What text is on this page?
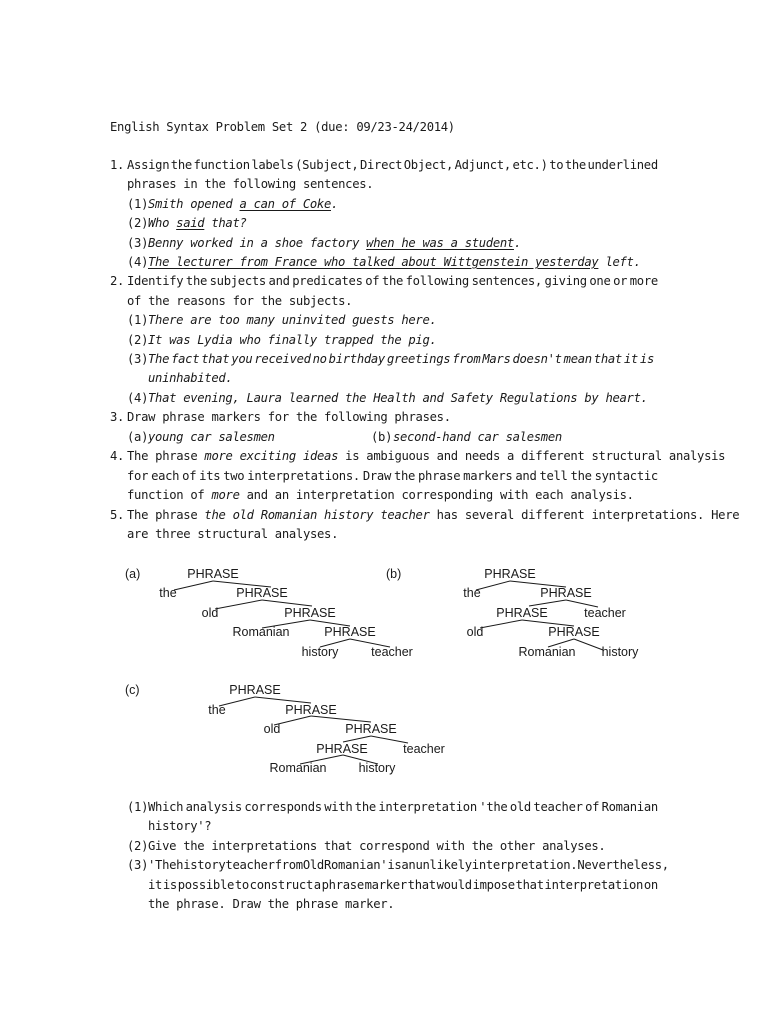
English Syntax Problem Set 2 (due: 09/23-24/2014)
1. Assign the function labels (Subject, Direct Object, Adjunct, etc.) to the underlined
phrases in the following sentences.
(1) Smith opened a can of Coke.
(2) Who said that?
(3) Benny worked in a shoe factory when he was a student.
(4) The lecturer from France who talked about Wittgenstein yesterday left.
2. Identify the subjects and predicates of the following sentences, giving one or more
of the reasons for the subjects.
(1) There are too many uninvited guests here.
(2) It was Lydia who finally trapped the pig.
(3) The fact that you received no birthday greetings from Mars doesn't mean that it is
uninhabited.
(4) That evening, Laura learned the Health and Safety Regulations by heart.
3. Draw phrase markers for the following phrases.
(a) young car salesmen	(b) second-hand car salesmen
4. The phrase more exciting ideas is ambiguous and needs a different structural analysis
for each of its two interpretations. Draw the phrase markers and tell the syntactic
function of more and an interpretation corresponding with each analysis.
5. The phrase the old Romanian history teacher has several different interpretations. Here
are three structural analyses.
(a)	PHRASE
the	PHRASE
old	PHRASE
Romanian	PHRASE
history	teacher
(b)	PHRASE
the	PHRASE
PHRASE	teacher
old	PHRASE
Romanian history
(c)	PHRASE
the	PHRASE
old	PHRASE
PHRASE	teacher
Romanian	history
(1) Which analysis corresponds with the interpretation 'the old teacher of Romanian
history'?
(2) Give the interpretations that correspond with the other analyses.
(3) 'The history teacher from Old Romanian' is an unlikely interpretation. Nevertheless,
it is possible to construct a phrase marker that would impose that interpretation on
the phrase. Draw the phrase marker.
